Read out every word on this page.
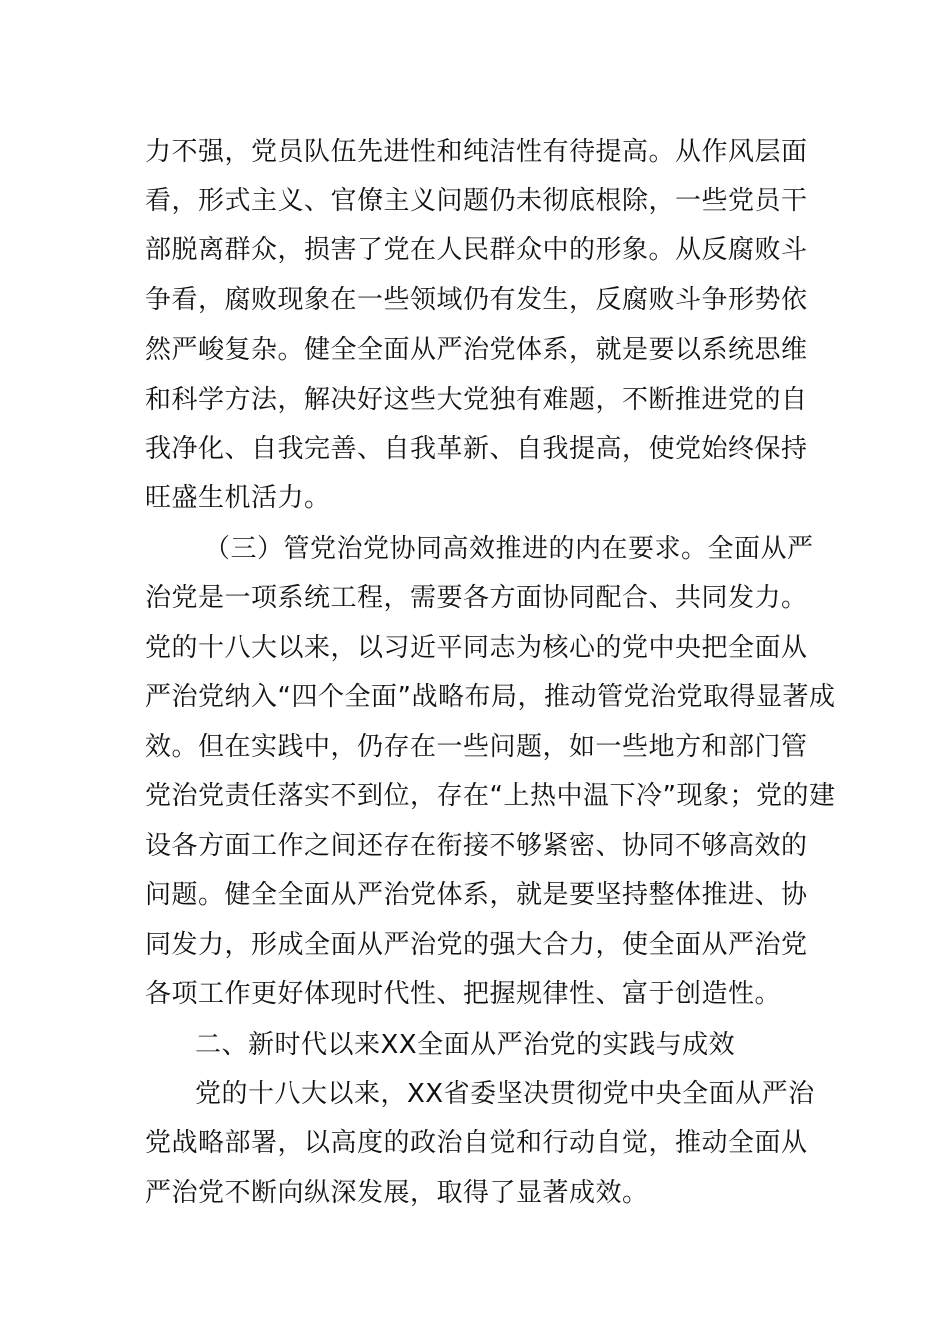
力不强，党员队伍先进性和纯洁性有待提高。从作风层面
看，形式主义、官僚主义问题仍未彻底根除，一些党员干
部脱离群众，损害了党在人民群众中的形象。从反腐败斗
争看，腐败现象在一些领域仍有发生，反腐败斗争形势依
然严峻复杂。健全全面从严治党体系，就是要以系统思维
和科学方法，解决好这些大党独有难题，不断推进党的自
我净化、自我完善、自我革新、自我提高，使党始终保持
旺盛生机活力。
（三）管党治党协同高效推进的内在要求。全面从严
治党是一项系统工程，需要各方面协同配合、共同发力。
党的十八大以来，以习近平同志为核心的党中央把全面从
严治党纳入“四个全面”战略布局，推动管党治党取得显著成
效。但在实践中，仍存在一些问题，如一些地方和部门管
党治党责任落实不到位，存在“上热中温下冷”现象；党的建
设各方面工作之间还存在衔接不够紧密、协同不够高效的
问题。健全全面从严治党体系，就是要坚持整体推进、协
同发力，形成全面从严治党的强大合力，使全面从严治党
各项工作更好体现时代性、把握规律性、富于创造性。
二、新时代以来XX全面从严治党的实践与成效
党的十八大以来，XX省委坚决贯彻党中央全面从严治
党战略部署，以高度的政治自觉和行动自觉，推动全面从
严治党不断向纵深发展，取得了显著成效。
